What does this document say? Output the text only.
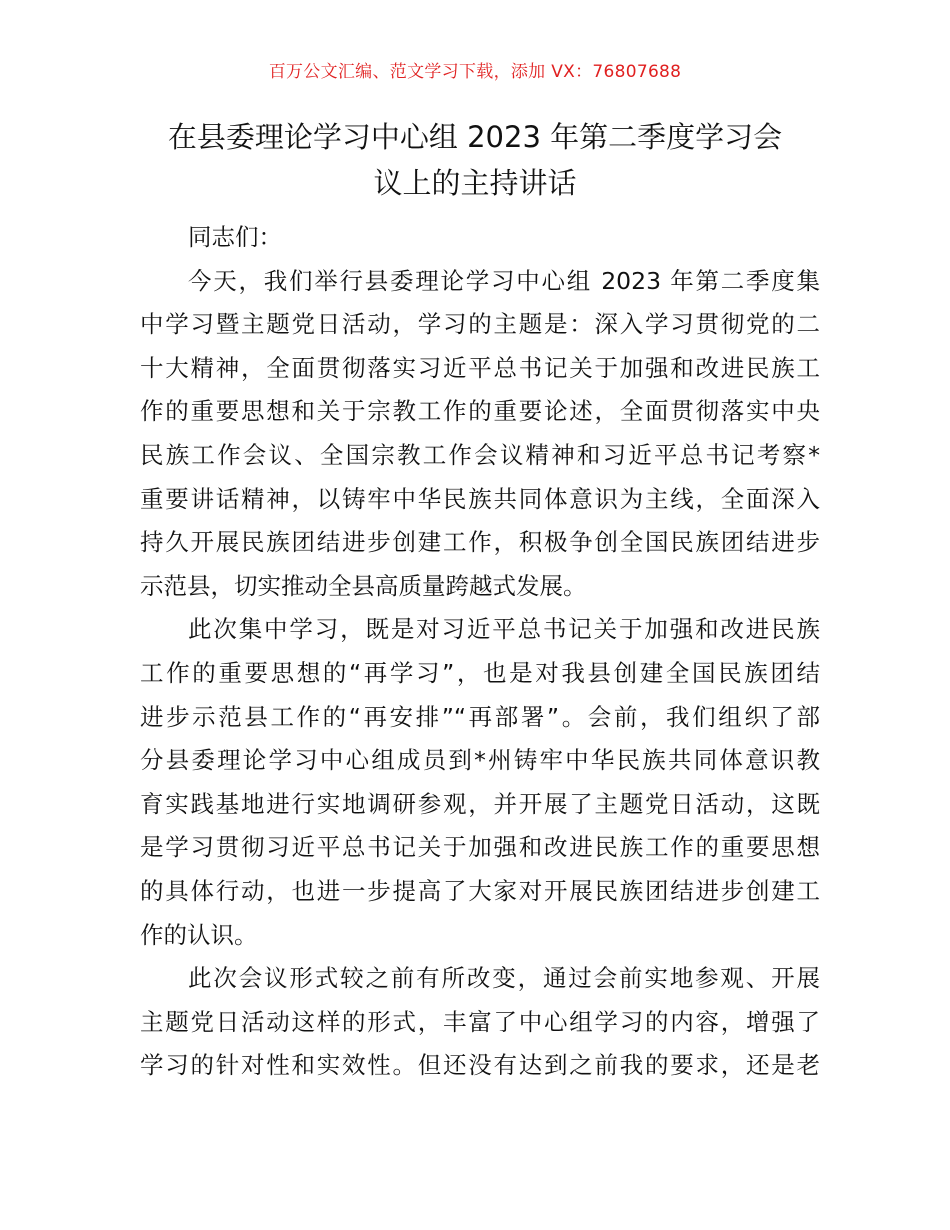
百万公文汇编、范文学习下载，添加 VX：76807688
在县委理论学习中心组 2023 年第二季度学习会
议上的主持讲话
同志们：
今天，我们举行县委理论学习中心组 2023 年第二季度集
中学习暨主题党日活动，学习的主题是：深入学习贯彻党的二
十大精神，全面贯彻落实习近平总书记关于加强和改进民族工
作的重要思想和关于宗教工作的重要论述，全面贯彻落实中央
民族工作会议、全国宗教工作会议精神和习近平总书记考察*
重要讲话精神，以铸牢中华民族共同体意识为主线，全面深入
持久开展民族团结进步创建工作，积极争创全国民族团结进步
示范县，切实推动全县高质量跨越式发展。
此次集中学习，既是对习近平总书记关于加强和改进民族
工作的重要思想的“再学习”，也是对我县创建全国民族团结
进步示范县工作的“再安排”“再部署”。会前，我们组织了部
分县委理论学习中心组成员到*州铸牢中华民族共同体意识教
育实践基地进行实地调研参观，并开展了主题党日活动，这既
是学习贯彻习近平总书记关于加强和改进民族工作的重要思想
的具体行动，也进一步提高了大家对开展民族团结进步创建工
作的认识。
此次会议形式较之前有所改变，通过会前实地参观、开展
主题党日活动这样的形式，丰富了中心组学习的内容，增强了
学习的针对性和实效性。但还没有达到之前我的要求，还是老
